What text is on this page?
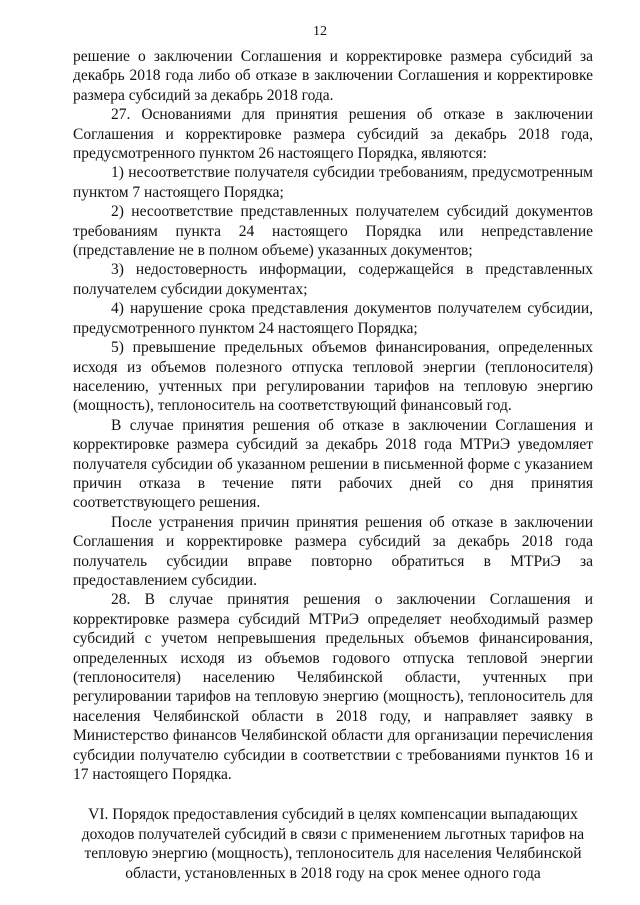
12

решение о заключении Соглашения и корректировке размера субсидий за декабрь 2018 года либо об отказе в заключении Соглашения и корректировке размера субсидий за декабрь 2018 года.

27. Основаниями для принятия решения об отказе в заключении Соглашения и корректировке размера субсидий за декабрь 2018 года, предусмотренного пунктом 26 настоящего Порядка, являются:

1) несоответствие получателя субсидии требованиям, предусмотренным пунктом 7 настоящего Порядка;

2) несоответствие представленных получателем субсидий документов требованиям пункта 24 настоящего Порядка или непредставление (представление не в полном объеме) указанных документов;

3) недостоверность информации, содержащейся в представленных получателем субсидии документах;

4) нарушение срока представления документов получателем субсидии, предусмотренного пунктом 24 настоящего Порядка;

5) превышение предельных объемов финансирования, определенных исходя из объемов полезного отпуска тепловой энергии (теплоносителя) населению, учтенных при регулировании тарифов на тепловую энергию (мощность), теплоноситель на соответствующий финансовый год.

В случае принятия решения об отказе в заключении Соглашения и корректировке размера субсидий за декабрь 2018 года МТРиЭ уведомляет получателя субсидии об указанном решении в письменной форме с указанием причин отказа в течение пяти рабочих дней со дня принятия соответствующего решения.

После устранения причин принятия решения об отказе в заключении Соглашения и корректировке размера субсидий за декабрь 2018 года получатель субсидии вправе повторно обратиться в МТРиЭ за предоставлением субсидии.

28. В случае принятия решения о заключении Соглашения и корректировке размера субсидий МТРиЭ определяет необходимый размер субсидий с учетом непревышения предельных объемов финансирования, определенных исходя из объемов годового отпуска тепловой энергии (теплоносителя) населению Челябинской области, учтенных при регулировании тарифов на тепловую энергию (мощность), теплоноситель для населения Челябинской области в 2018 году, и направляет заявку в Министерство финансов Челябинской области для организации перечисления субсидии получателю субсидии в соответствии с требованиями пунктов 16 и 17 настоящего Порядка.

VI. Порядок предоставления субсидий в целях компенсации выпадающих доходов получателей субсидий в связи с применением льготных тарифов на тепловую энергию (мощность), теплоноситель для населения Челябинской области, установленных в 2018 году на срок менее одного года
